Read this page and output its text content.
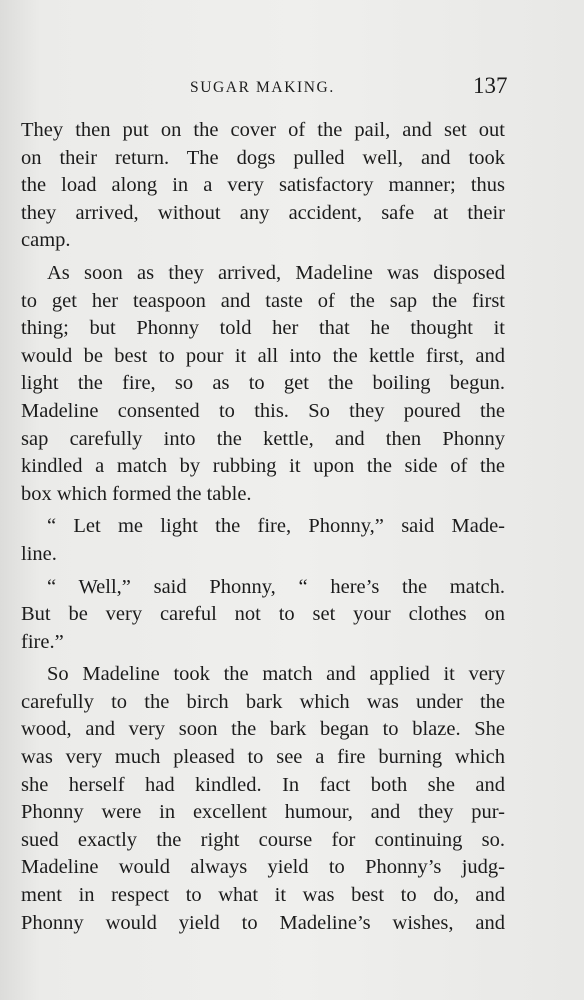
SUGAR MAKING.	137
They then put on the cover of the pail, and set out
on their return. The dogs pulled well, and took
the load along in a very satisfactory manner; thus
they arrived, without any accident, safe at their
camp.
As soon as they arrived, Madeline was disposed
to get her teaspoon and taste of the sap the first
thing; but Phonny told her that he thought it
would be best to pour it all into the kettle first, and
light the fire, so as to get the boiling begun.
Madeline consented to this. So they poured the
sap carefully into the kettle, and then Phonny
kindled a match by rubbing it upon the side of the
box which formed the table.
“ Let me light the fire, Phonny,” said Made-
line.
“ Well,” said Phonny, “ here’s the match.
But be very careful not to set your clothes on
fire.”
So Madeline took the match and applied it very
carefully to the birch bark which was under the
wood, and very soon the bark began to blaze. She
was very much pleased to see a fire burning which
she herself had kindled. In fact both she and
Phonny were in excellent humour, and they pur-
sued exactly the right course for continuing so.
Madeline would always yield to Phonny’s judg-
ment in respect to what it was best to do, and
Phonny would yield to Madeline’s wishes, and
